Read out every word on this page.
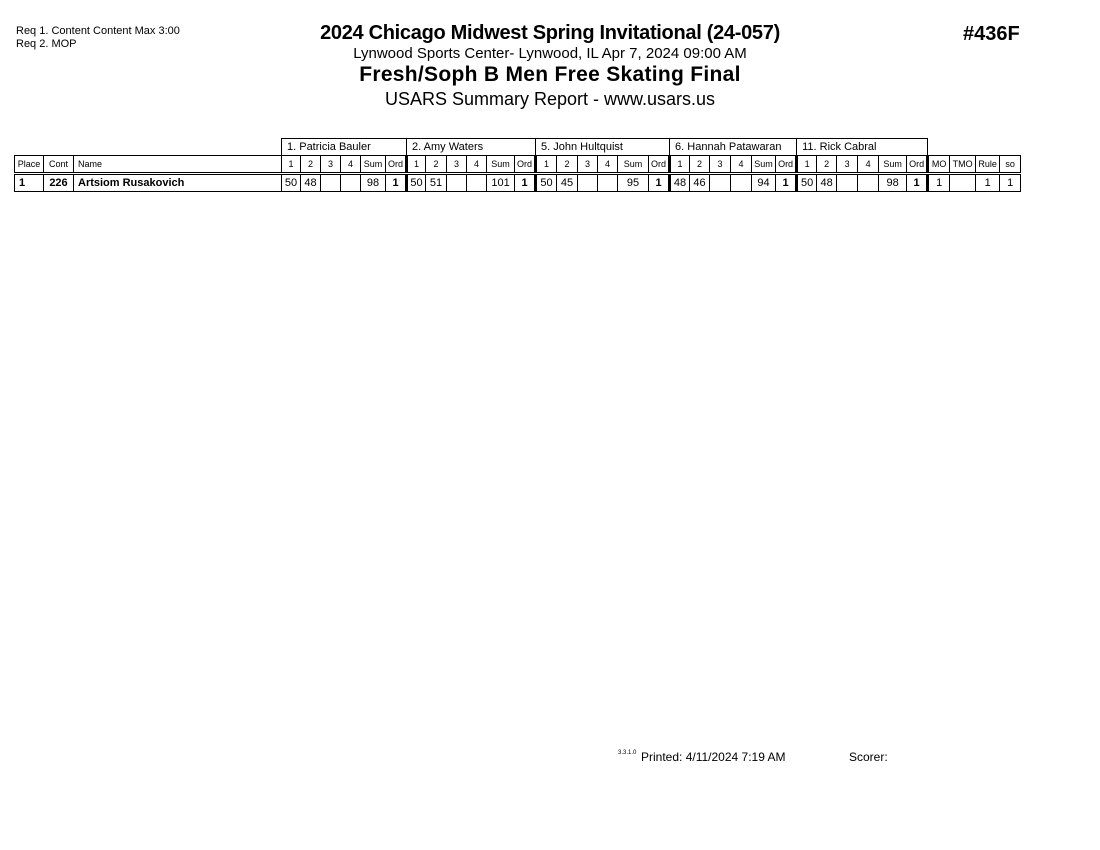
Req 1. Content Content Max 3:00
Req 2. MOP	2024 Chicago Midwest Spring Invitational (24-057)
Lynwood Sports Center- Lynwood, IL Apr 7, 2024 09:00 AM
Fresh/Soph B Men Free Skating Final
USARS Summary Report - www.usars.us
#436F
			1. Patricia Bauler						2. Amy Waters						5. John Hultquist						6. Hannah Patawaran						11. Rick Cabral									
Place	Cont	Name	1	2	3	4	Sum	Ord	1	2	3	4	Sum	Ord	1	2	3	4	Sum	Ord	1	2	3	4	Sum	Ord	1	2	3	4	Sum	Ord	MO	TMO	Rule	so
1	226	Artsiom Rusakovich	50	48			98	1	50	51			101	1	50	45			95	1	48	46			94	1	50	48			98	1	1		1	1
3.3.1.0 Printed: 4/11/2024 7:19 AM	Scorer:
